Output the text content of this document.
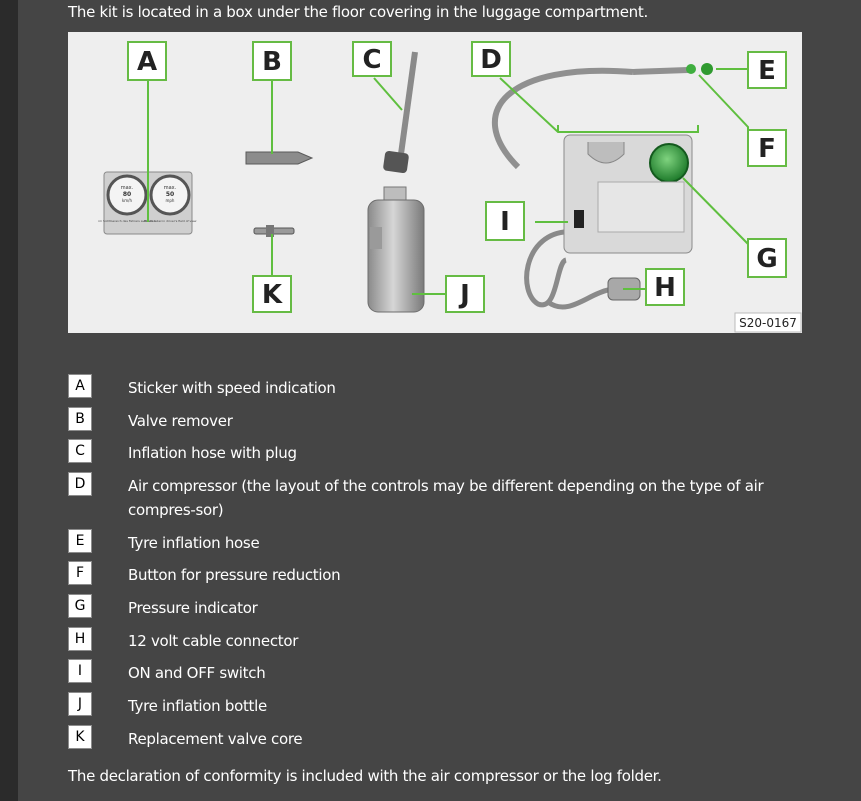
The kit is located in a box under the floor covering in the luggage compartment.
max.
80
km/h
max.
50
mph
im Sichtbereich des Fahrers aufkleben
Attach label in driver's field of view
A	B	C	D	E
F
G
H
I
J
K
S20-0167
A	Sticker with speed indication
B	Valve remover
C	Inflation hose with plug
D	Air compressor (the layout of the controls may be different depending on the type of air compres-sor)
E	Tyre inflation hose
F	Button for pressure reduction
G	Pressure indicator
H	12 volt cable connector
I	ON and OFF switch
J	Tyre inflation bottle
K	Replacement valve core
The declaration of conformity is included with the air compressor or the log folder.
